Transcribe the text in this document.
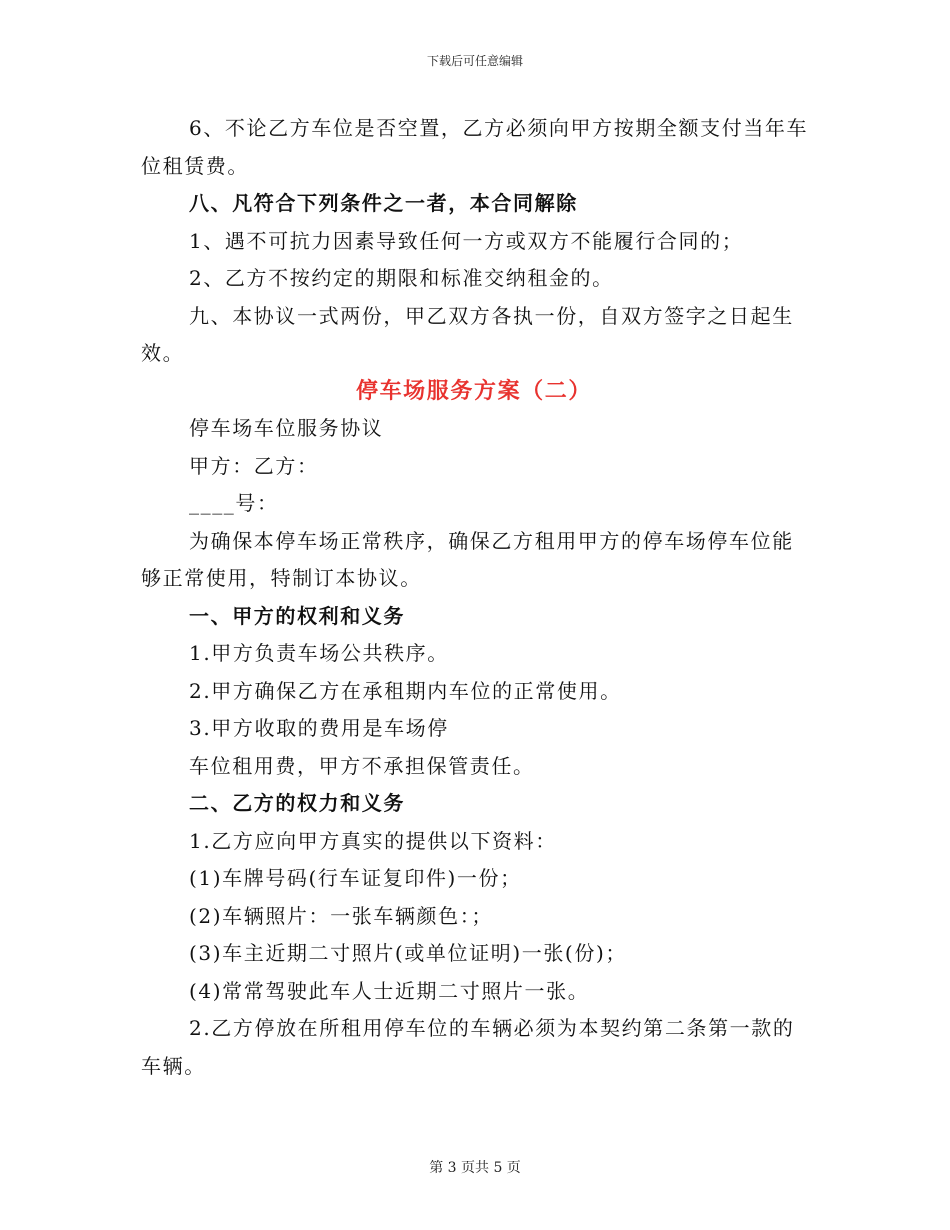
下载后可任意编辑

6、不论乙方车位是否空置，乙方必须向甲方按期全额支付当年车

位租赁费。

八、凡符合下列条件之一者，本合同解除

1、遇不可抗力因素导致任何一方或双方不能履行合同的；

2、乙方不按约定的期限和标准交纳租金的。

九、本协议一式两份，甲乙双方各执一份，自双方签字之日起生

效。

停车场服务方案（二）

停车场车位服务协议

甲方：乙方：

____号：

为确保本停车场正常秩序，确保乙方租用甲方的停车场停车位能

够正常使用，特制订本协议。

一、甲方的权利和义务

1.甲方负责车场公共秩序。

2.甲方确保乙方在承租期内车位的正常使用。

3.甲方收取的费用是车场停

车位租用费，甲方不承担保管责任。

二、乙方的权力和义务

1.乙方应向甲方真实的提供以下资料：

(1)车牌号码(行车证复印件)一份；

(2)车辆照片：一张车辆颜色：；

(3)车主近期二寸照片(或单位证明)一张(份)；

(4)常常驾驶此车人士近期二寸照片一张。

2.乙方停放在所租用停车位的车辆必须为本契约第二条第一款的

车辆。

第 3 页共 5 页
